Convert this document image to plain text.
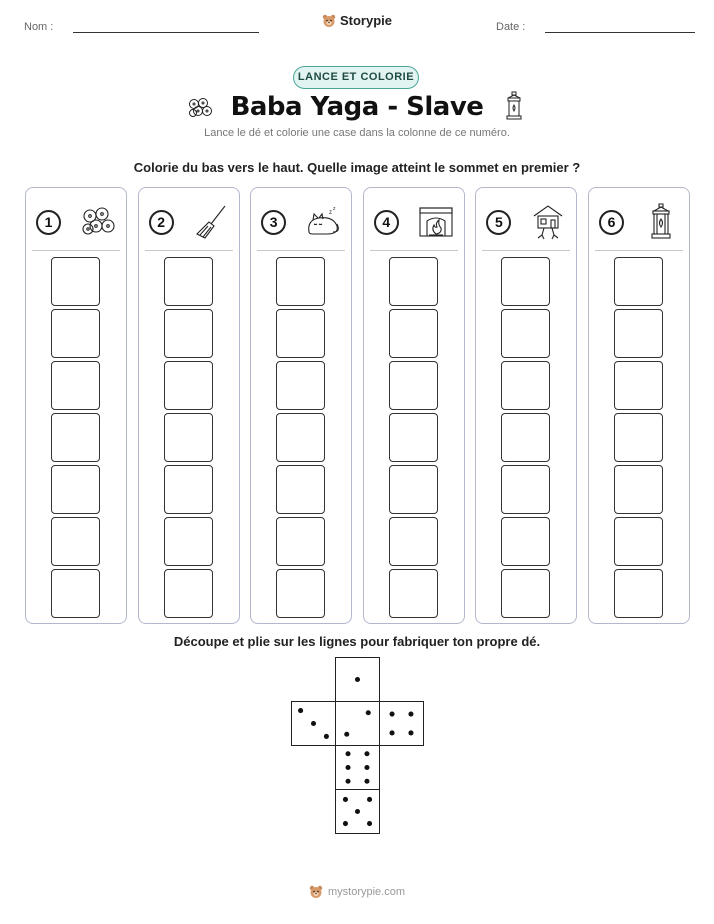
Nom :	Storypie	Date :
LANCE ET COLORIE
Baba Yaga - Slave
Lance le dé et colorie une case dans la colonne de ce numéro.
Colorie du bas vers le haut. Quelle image atteint le sommet en premier ?
1	2	3
z
z
4	5	6
Découpe et plie sur les lignes pour fabriquer ton propre dé.
mystorypie.com
